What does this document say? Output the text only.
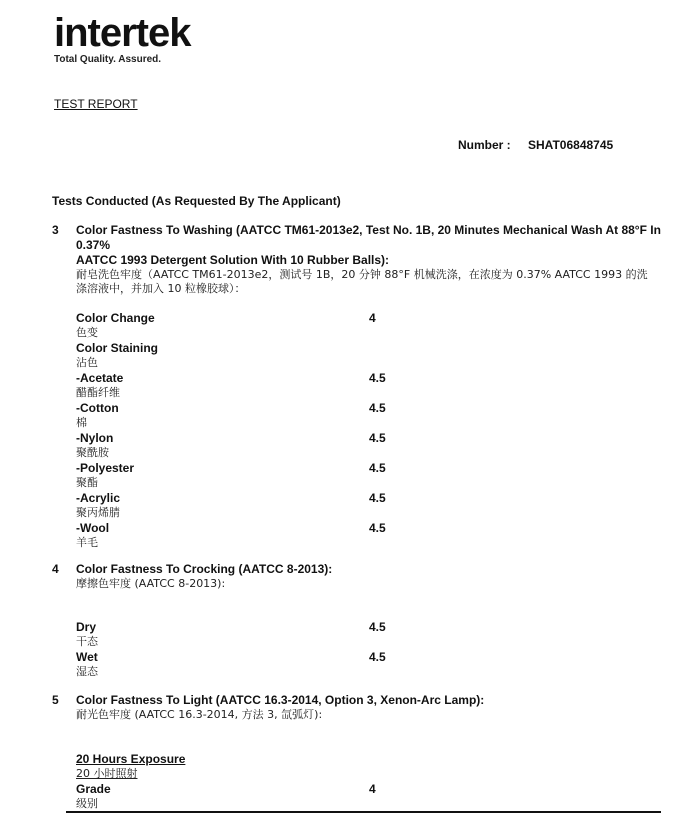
intertek
Total Quality. Assured.
TEST REPORT
Number : SHAT06848745
Tests Conducted (As Requested By The Applicant)
3 Color Fastness To Washing (AATCC TM61-2013e2, Test No. 1B, 20 Minutes Mechanical Wash At 88°F In 0.37%
AATCC 1993 Detergent Solution With 10 Rubber Balls):
耐皂洗色牢度（AATCC TM61-2013e2，测试号 1B，20 分钟 88°F 机械洗涤，在浓度为 0.37% AATCC 1993 的洗
涤溶液中，并加入 10 粒橡胶球）：
Color Change
色变
4
Color Staining
沾色
-Acetate
醋酯纤维
4.5
-Cotton
棉
4.5
-Nylon
聚酰胺
4.5
-Polyester
聚酯
4.5
-Acrylic
聚丙烯腈
4.5
-Wool
羊毛
4.5
4 Color Fastness To Crocking (AATCC 8-2013):
摩擦色牢度 (AATCC 8-2013):
Dry
干态
4.5
Wet
湿态
4.5
5 Color Fastness To Light (AATCC 16.3-2014, Option 3, Xenon-Arc Lamp):
耐光色牢度 (AATCC 16.3-2014, 方法 3, 氙弧灯):
20 Hours Exposure
20 小时照射
Grade
级别
4
